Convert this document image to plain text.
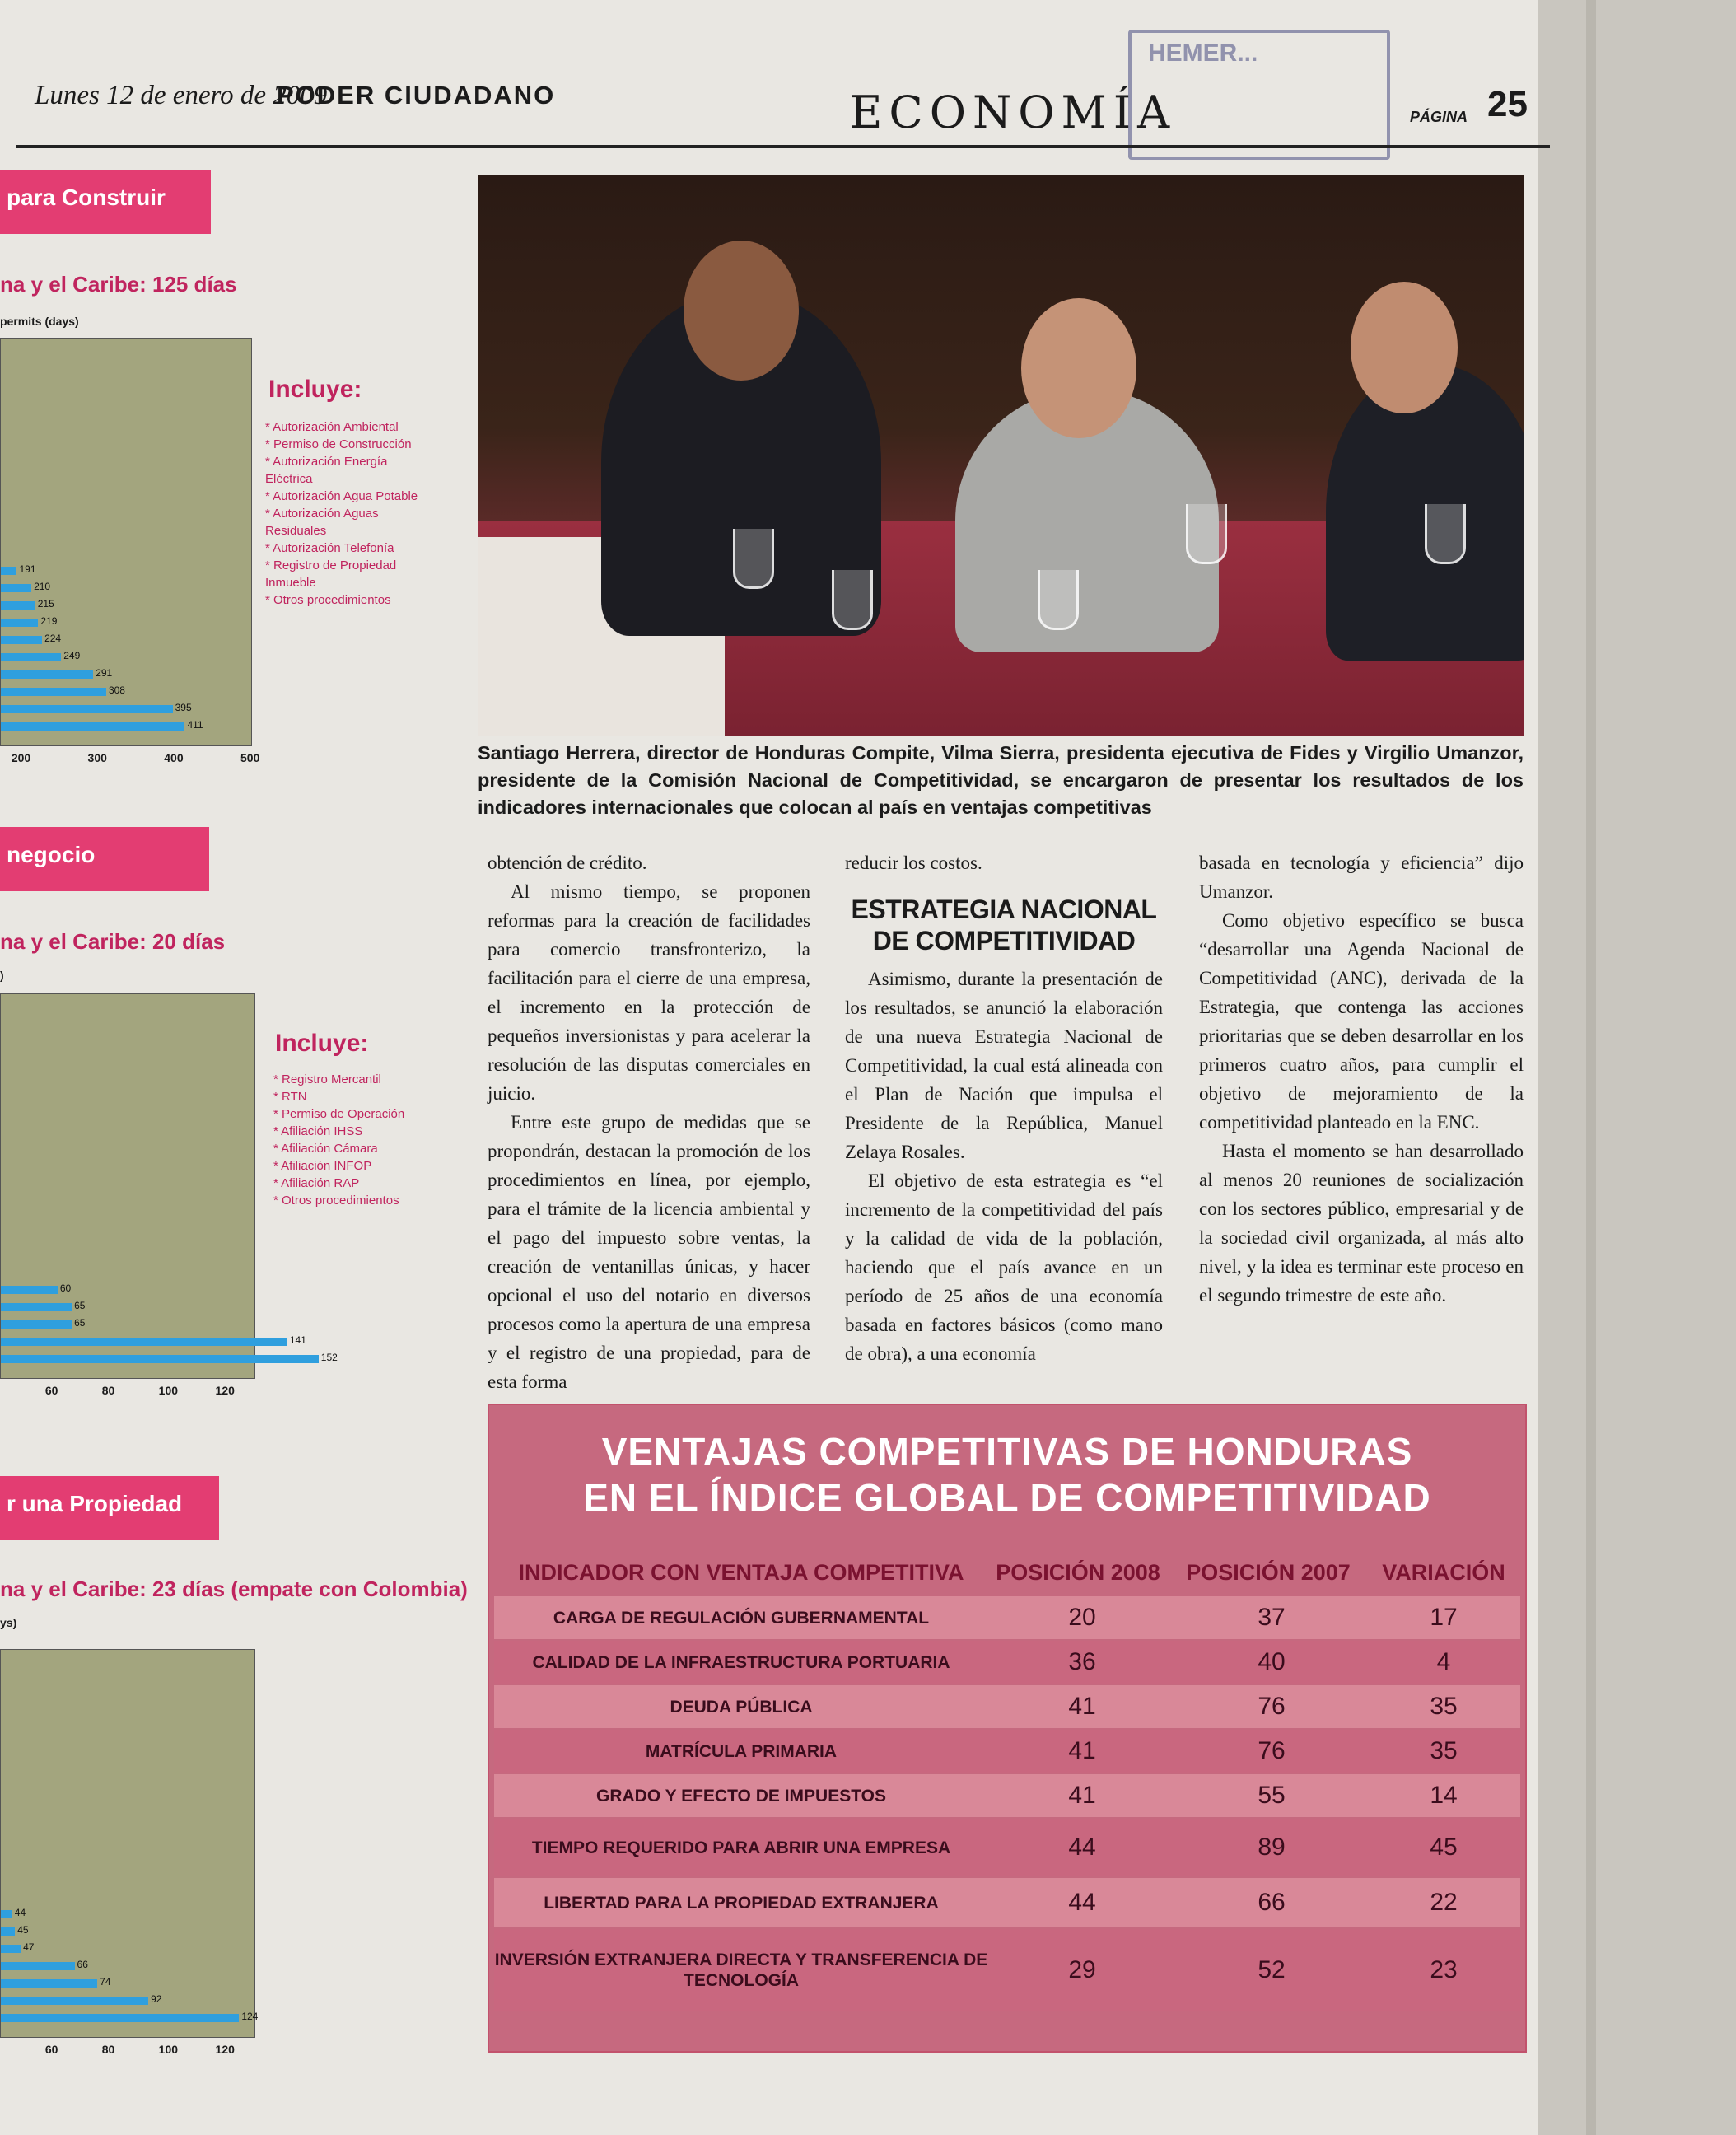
Lunes 12 de enero de 2009
PODER CIUDADANO	ECONOMÍA
HEMER...
PÁGINA 25
para Construir
na y el Caribe: 125 días
permits (days)
191
210
215
219
224
249
291
308
395
411
200	300	400	500
Incluye:
* Autorización Ambiental
* Permiso de Construcción
* Autorización Energía Eléctrica
* Autorización Agua Potable
* Autorización Aguas Residuales
* Autorización Telefonía
* Registro de Propiedad Inmueble
* Otros procedimientos
negocio
na y el Caribe: 20 días
)
60
65
65
141
152
60	80	100	120
Incluye:
* Registro Mercantil
* RTN
* Permiso de Operación
* Afiliación IHSS
* Afiliación Cámara
* Afiliación INFOP
* Afiliación RAP
* Otros procedimientos
r una Propiedad
na y el Caribe: 23 días (empate con Colombia)
ys)
44
45
47
66
74
92
124
60	80	100	120

Santiago Herrera, director de Honduras Compite, Vilma Sierra, presidenta ejecutiva de Fides y Virgilio Umanzor, presidente de la Comisión Nacional de Competitividad, se encargaron de presentar los resultados de los indicadores internacionales que colocan al país en ventajas competitivas

obtención de crédito.

Al mismo tiempo, se proponen reformas para la creación de facilidades para comercio transfronterizo, la facilitación para el cierre de una empresa, el incremento en la protección de pequeños inversionistas y para acelerar la resolución de las disputas comerciales en juicio.

Entre este grupo de medidas que se propondrán, destacan la promoción de los procedimientos en línea, por ejemplo, para el trámite de la licencia ambiental y el pago del impuesto sobre ventas, la creación de ventanillas únicas, y hacer opcional el uso del notario en diversos procesos como la apertura de una empresa y el registro de una propiedad, para de esta forma

reducir los costos.

ESTRATEGIA NACIONAL DE COMPETITIVIDAD

Asimismo, durante la presentación de los resultados, se anunció la elaboración de una nueva Estrategia Nacional de Competitividad, la cual está alineada con el Plan de Nación que impulsa el Presidente de la República, Manuel Zelaya Rosales.

El objetivo de esta estrategia es “el incremento de la competitividad del país y la calidad de vida de la población, haciendo que el país avance en un período de 25 años de una economía basada en factores básicos (como mano de obra), a una economía

basada en tecnología y eficiencia” dijo Umanzor.

Como objetivo específico se busca “desarrollar una Agenda Nacional de Competitividad (ANC), derivada de la Estrategia, que contenga las acciones prioritarias que se deben desarrollar en los primeros cuatro años, para cumplir el objetivo de mejoramiento de la competitividad planteado en la ENC.

Hasta el momento se han desarrollado al menos 20 reuniones de socialización con los sectores público, empresarial y de la sociedad civil organizada, al más alto nivel, y la idea es terminar este proceso en el segundo trimestre de este año.

VENTAJAS COMPETITIVAS DE HONDURAS
EN EL ÍNDICE GLOBAL DE COMPETITIVIDAD
INDICADOR CON VENTAJA COMPETITIVA	POSICIÓN 2008	POSICIÓN 2007	VARIACIÓN
CARGA DE REGULACIÓN GUBERNAMENTAL	20	37	17
CALIDAD DE LA INFRAESTRUCTURA PORTUARIA	36	40	4
DEUDA PÚBLICA	41	76	35
MATRÍCULA PRIMARIA	41	76	35
GRADO Y EFECTO DE IMPUESTOS	41	55	14
TIEMPO REQUERIDO PARA ABRIR UNA EMPRESA	44	89	45
LIBERTAD PARA LA PROPIEDAD EXTRANJERA	44	66	22
INVERSIÓN EXTRANJERA DIRECTA Y TRANSFERENCIA DE TECNOLOGÍA	29	52	23
